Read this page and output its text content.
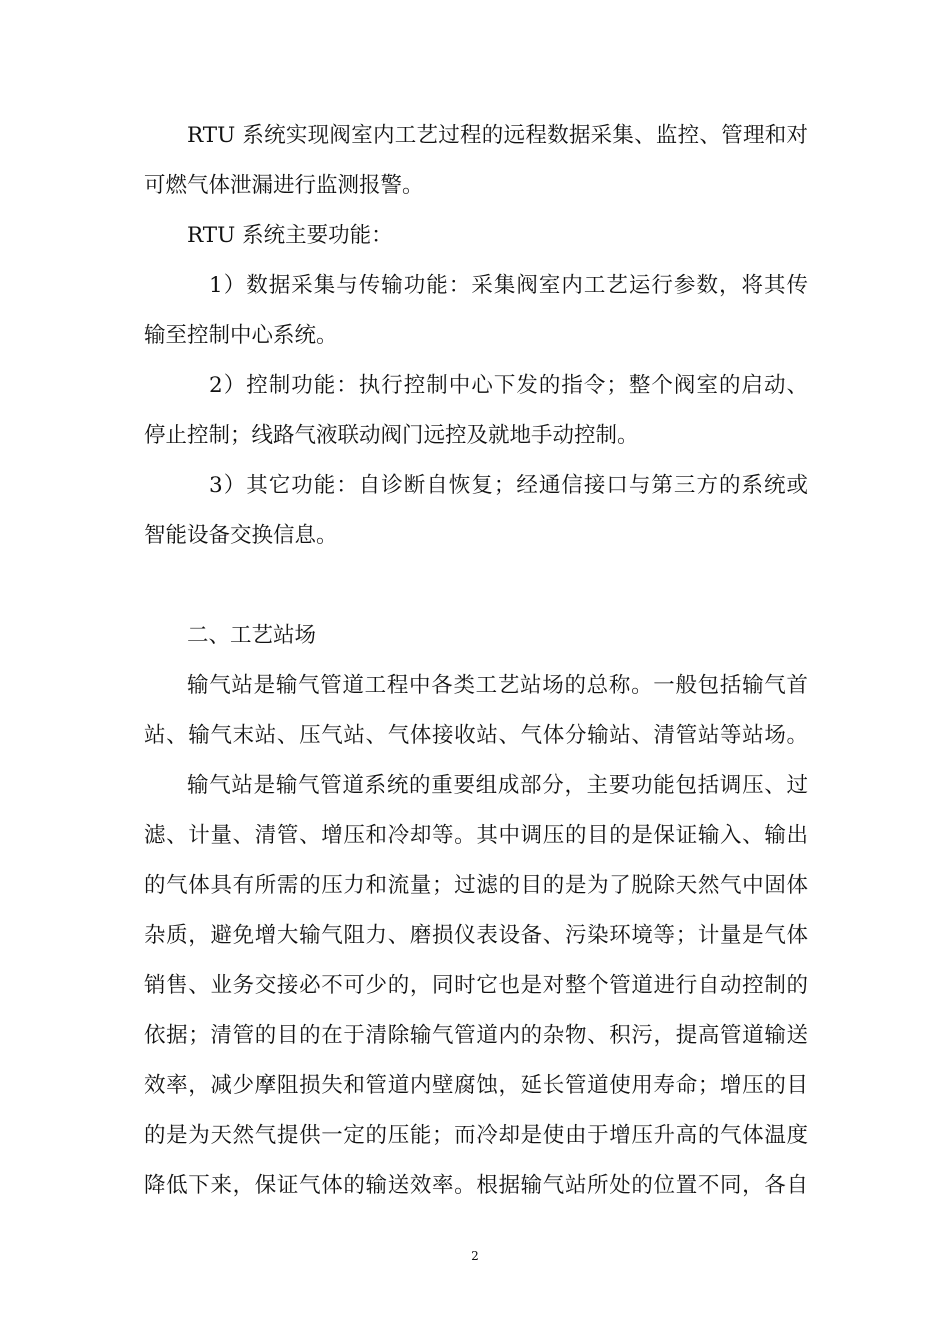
RTU 系统实现阀室内工艺过程的远程数据采集、监控、管理和对
可燃气体泄漏进行监测报警。
RTU 系统主要功能：
1）数据采集与传输功能：采集阀室内工艺运行参数，将其传
输至控制中心系统。
2）控制功能：执行控制中心下发的指令；整个阀室的启动、
停止控制；线路气液联动阀门远控及就地手动控制。
3）其它功能：自诊断自恢复；经通信接口与第三方的系统或
智能设备交换信息。
二、工艺站场
输气站是输气管道工程中各类工艺站场的总称。一般包括输气首
站、输气末站、压气站、气体接收站、气体分输站、清管站等站场。
输气站是输气管道系统的重要组成部分，主要功能包括调压、过
滤、计量、清管、增压和冷却等。其中调压的目的是保证输入、输出
的气体具有所需的压力和流量；过滤的目的是为了脱除天然气中固体
杂质，避免增大输气阻力、磨损仪表设备、污染环境等；计量是气体
销售、业务交接必不可少的，同时它也是对整个管道进行自动控制的
依据；清管的目的在于清除输气管道内的杂物、积污，提高管道输送
效率，减少摩阻损失和管道内壁腐蚀，延长管道使用寿命；增压的目
的是为天然气提供一定的压能；而冷却是使由于增压升高的气体温度
降低下来，保证气体的输送效率。根据输气站所处的位置不同，各自
2
